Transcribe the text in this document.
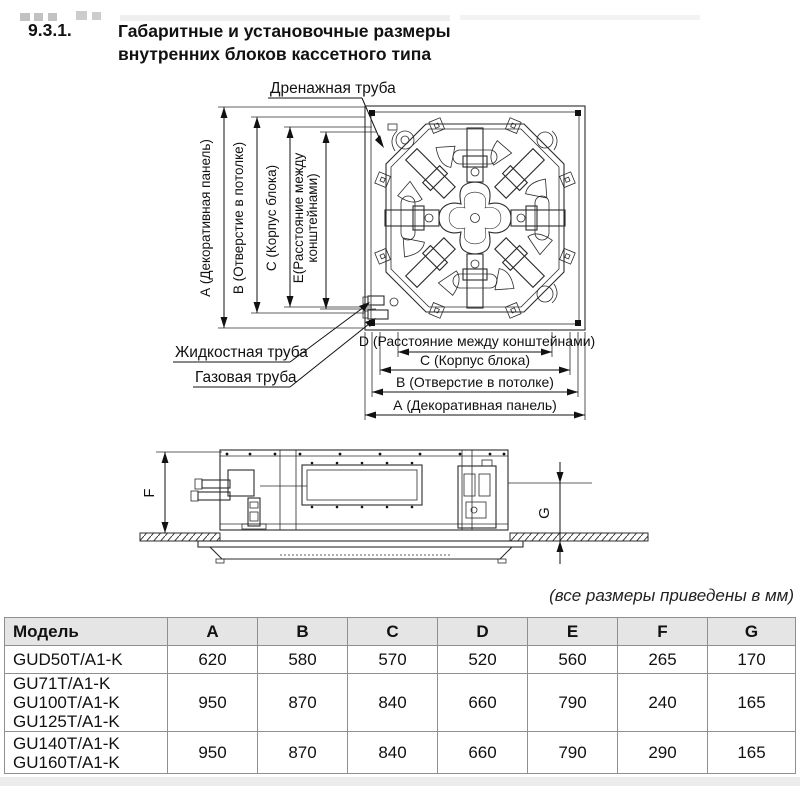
9.3.1.	Габаритные и установочные размеры
внутренних блоков кассетного типа
Дренажная труба
А (Декоративная панель) В (Отверстие в потолке) С (Корпус блока) Е(Расстояние между конштейнами)
Жидкостная труба
Газовая труба
D (Расстояние между конштейнами)
С (Корпус блока)
В (Отверстие в потолке)
А (Декоративная панель)
F
G
(все размеры приведены в мм)
Модель	A	B	C	D	E	F	G
GUD50T/A1-K	620	580	570	520	560	265	170

GU71T/A1-K
GU100T/A1-K
GU125T/A1-K	950	870	840	660	790	240	165

GU140T/A1-K
GU160T/A1-K	950	870	840	660	790	290	165
